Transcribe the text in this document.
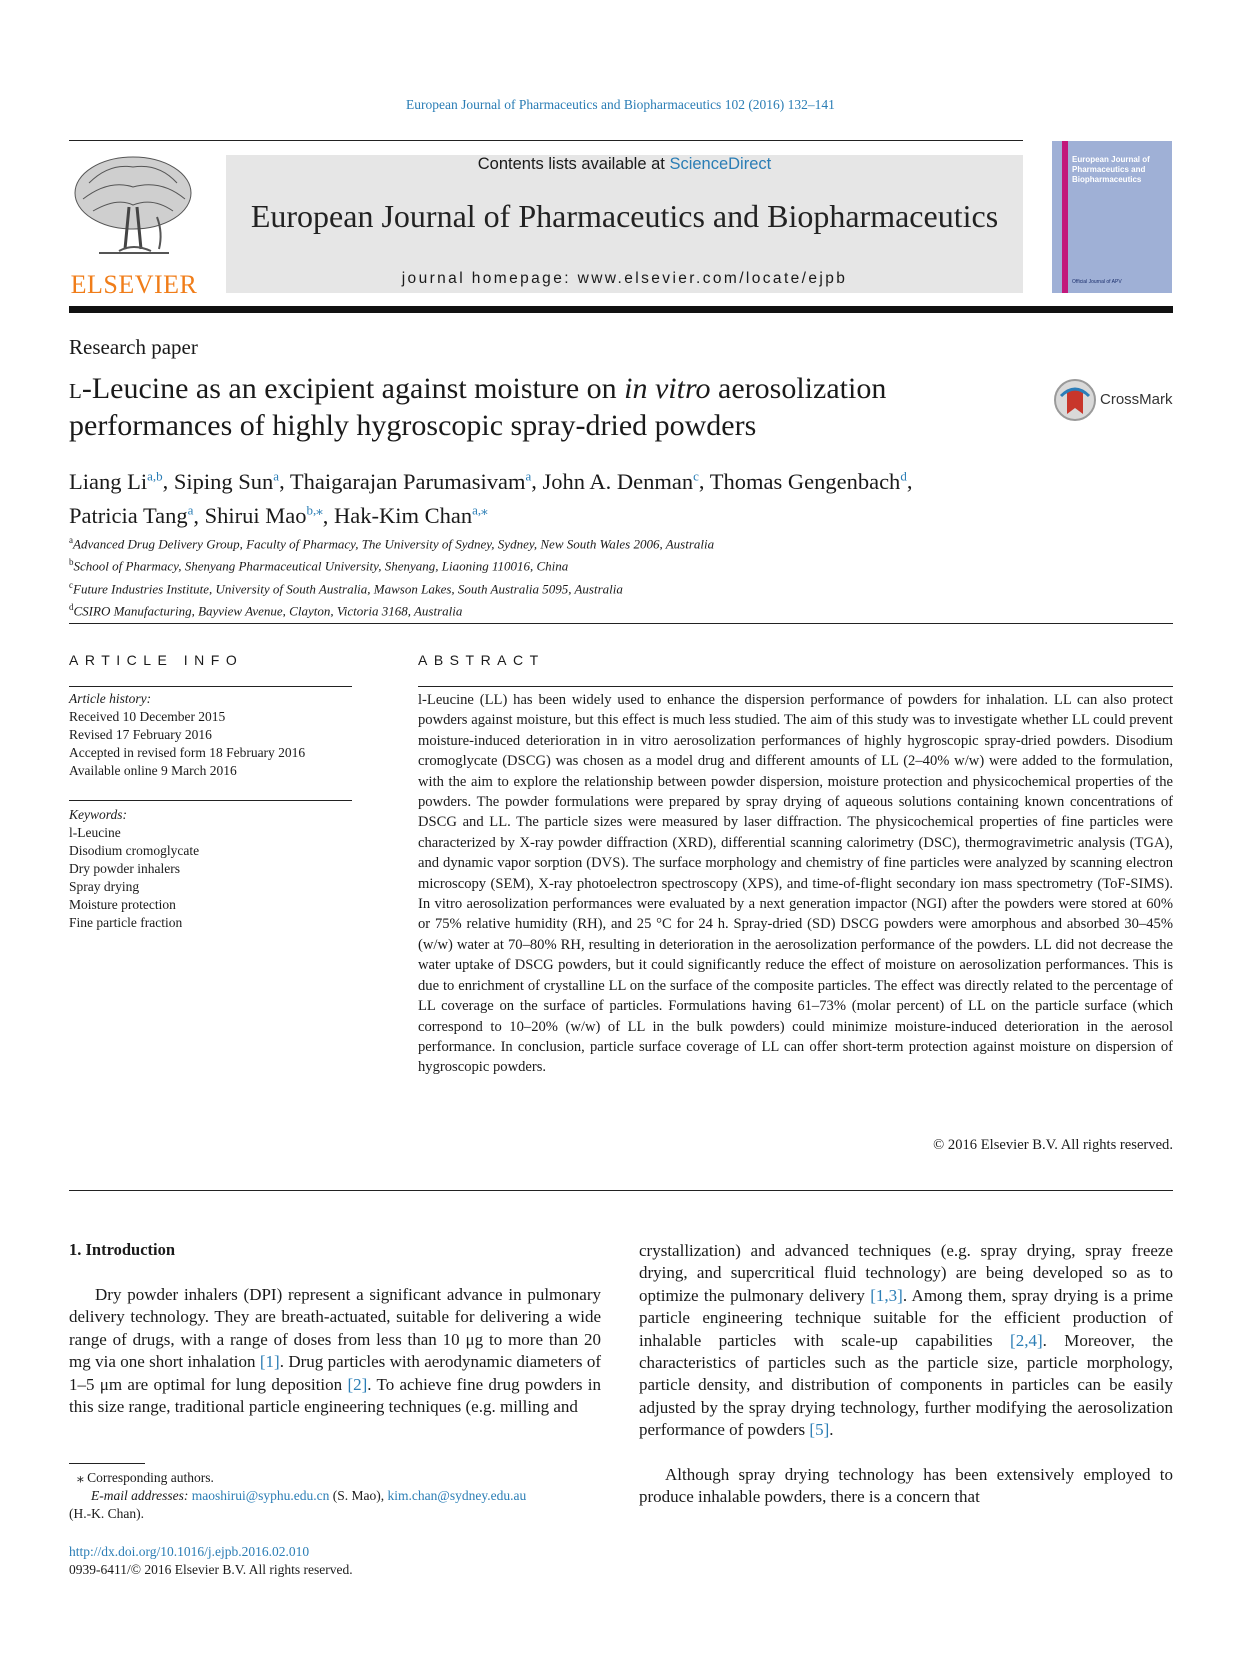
European Journal of Pharmaceutics and Biopharmaceutics 102 (2016) 132–141
ELSEVIER
Contents lists available at ScienceDirect
European Journal of Pharmaceutics and Biopharmaceutics
journal homepage: www.elsevier.com/locate/ejpb
European Journal of Pharmaceutics and Biopharmaceutics
Official Journal of APV
Research paper
l-Leucine as an excipient against moisture on in vitro aerosolization performances of highly hygroscopic spray-dried powders
CrossMark
Liang Li$^{a,b}$, Siping Sun$^a$, Thaigarajan Parumasivam$^a$, John A. Denman$^c$, Thomas Gengenbach$^d$,
Patricia Tang$^a$, Shirui Mao$^{b,⁎}$, Hak-Kim Chan$^{a,⁎}$
$^a$Advanced Drug Delivery Group, Faculty of Pharmacy, The University of Sydney, Sydney, New South Wales 2006, Australia
$^b$School of Pharmacy, Shenyang Pharmaceutical University, Shenyang, Liaoning 110016, China
$^c$Future Industries Institute, University of South Australia, Mawson Lakes, South Australia 5095, Australia
$^d$CSIRO Manufacturing, Bayview Avenue, Clayton, Victoria 3168, Australia
ARTICLE INFO
Article history:
Received 10 December 2015
Revised 17 February 2016
Accepted in revised form 18 February 2016
Available online 9 March 2016
Keywords:
l-Leucine
Disodium cromoglycate
Dry powder inhalers
Spray drying
Moisture protection
Fine particle fraction
ABSTRACT

l-Leucine (LL) has been widely used to enhance the dispersion performance of powders for inhalation. LL can also protect powders against moisture, but this effect is much less studied. The aim of this study was to investigate whether LL could prevent moisture-induced deterioration in in vitro aerosolization performances of highly hygroscopic spray-dried powders. Disodium cromoglycate (DSCG) was chosen as a model drug and different amounts of LL (2–40% w/w) were added to the formulation, with the aim to explore the relationship between powder dispersion, moisture protection and physicochemical properties of the powders. The powder formulations were prepared by spray drying of aqueous solutions containing known concentrations of DSCG and LL. The particle sizes were measured by laser diffraction. The physicochemical properties of fine particles were characterized by X-ray powder diffraction (XRD), differential scanning calorimetry (DSC), thermogravimetric analysis (TGA), and dynamic vapor sorption (DVS). The surface morphology and chemistry of fine particles were analyzed by scanning electron microscopy (SEM), X-ray photoelectron spectroscopy (XPS), and time-of-flight secondary ion mass spectrometry (ToF-SIMS). In vitro aerosolization performances were evaluated by a next generation impactor (NGI) after the powders were stored at 60% or 75% relative humidity (RH), and 25 °C for 24 h. Spray-dried (SD) DSCG powders were amorphous and absorbed 30–45% (w/w) water at 70–80% RH, resulting in deterioration in the aerosolization performance of the powders. LL did not decrease the water uptake of DSCG powders, but it could significantly reduce the effect of moisture on aerosolization performances. This is due to enrichment of crystalline LL on the surface of the composite particles. The effect was directly related to the percentage of LL coverage on the surface of particles. Formulations having 61–73% (molar percent) of LL on the particle surface (which correspond to 10–20% (w/w) of LL in the bulk powders) could minimize moisture-induced deterioration in the aerosol performance. In conclusion, particle surface coverage of LL can offer short-term protection against moisture on dispersion of hygroscopic powders.

© 2016 Elsevier B.V. All rights reserved.
1. Introduction

Dry powder inhalers (DPI) represent a significant advance in pulmonary delivery technology. They are breath-actuated, suitable for delivering a wide range of drugs, with a range of doses from less than 10 μg to more than 20 mg via one short inhalation [1]. Drug particles with aerodynamic diameters of 1–5 μm are optimal for lung deposition [2]. To achieve fine drug powders in this size range, traditional particle engineering techniques (e.g. milling and

crystallization) and advanced techniques (e.g. spray drying, spray freeze drying, and supercritical fluid technology) are being developed so as to optimize the pulmonary delivery [1,3]. Among them, spray drying is a prime particle engineering technique suitable for the efficient production of inhalable particles with scale-up capabilities [2,4]. Moreover, the characteristics of particles such as the particle size, particle morphology, particle density, and distribution of components in particles can be easily adjusted by the spray drying technology, further modifying the aerosolization performance of powders [5].

Although spray drying technology has been extensively employed to produce inhalable powders, there is a concern that

⁎ Corresponding authors.
E-mail addresses: maoshirui@syphu.edu.cn (S. Mao), kim.chan@sydney.edu.au
(H.-K. Chan).
http://dx.doi.org/10.1016/j.ejpb.2016.02.010
0939-6411/© 2016 Elsevier B.V. All rights reserved.
